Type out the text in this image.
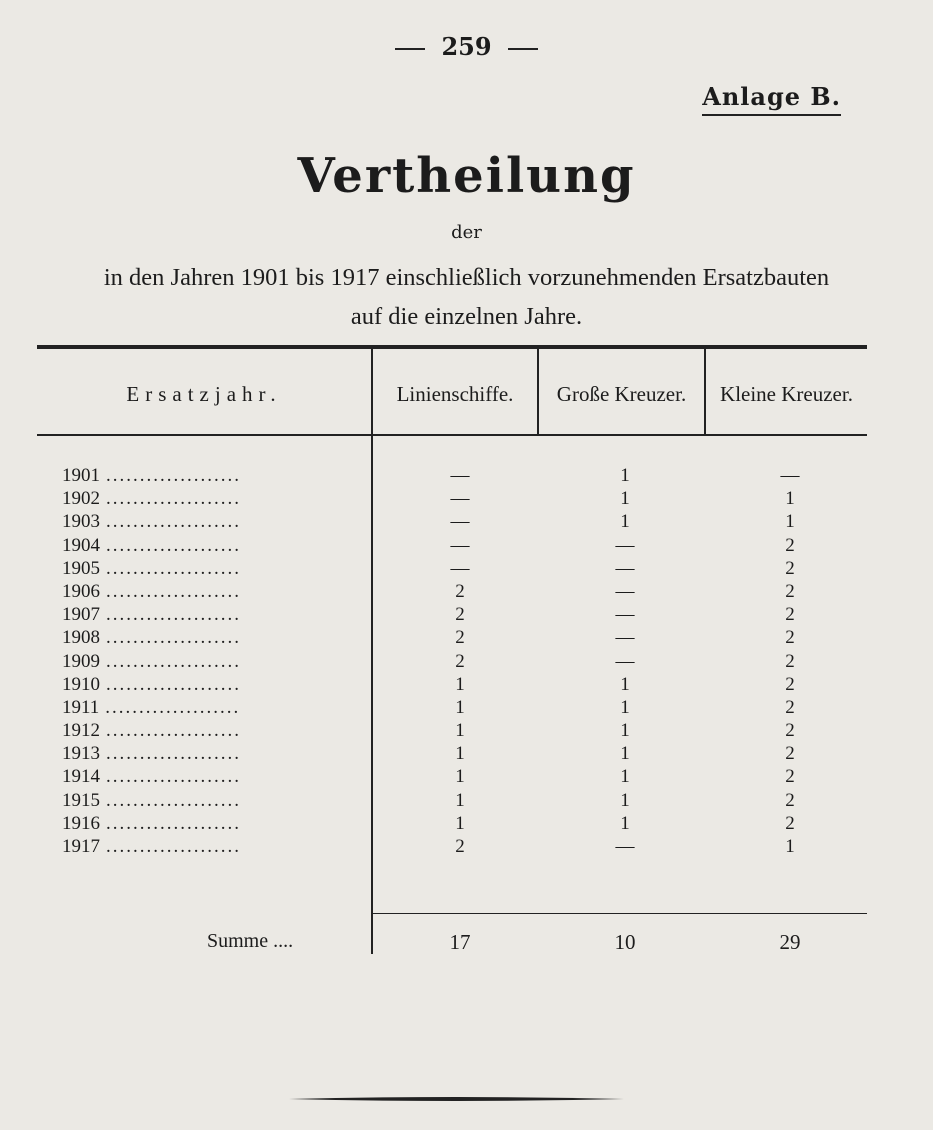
259
Anlage B.
Vertheilung
der
in den Jahren 1901 bis 1917 einschließlich vorzunehmenden Ersatzbauten
auf die einzelnen Jahre.
Ersatzjahr.	Linienschiffe.	Große Kreuzer.	Kleine Kreuzer.
1901 ....................	—	1	—
1902 ....................	—	1	1
1903 ....................	—	1	1
1904 ....................	—	—	2
1905 ....................	—	—	2
1906 ....................	2	—	2
1907 ....................	2	—	2
1908 ....................	2	—	2
1909 ....................	2	—	2
1910 ....................	1	1	2
1911 ....................	1	1	2
1912 ....................	1	1	2
1913 ....................	1	1	2
1914 ....................	1	1	2
1915 ....................	1	1	2
1916 ....................	1	1	2
1917 ....................	2	—	1
Summe ....	17	10	29
